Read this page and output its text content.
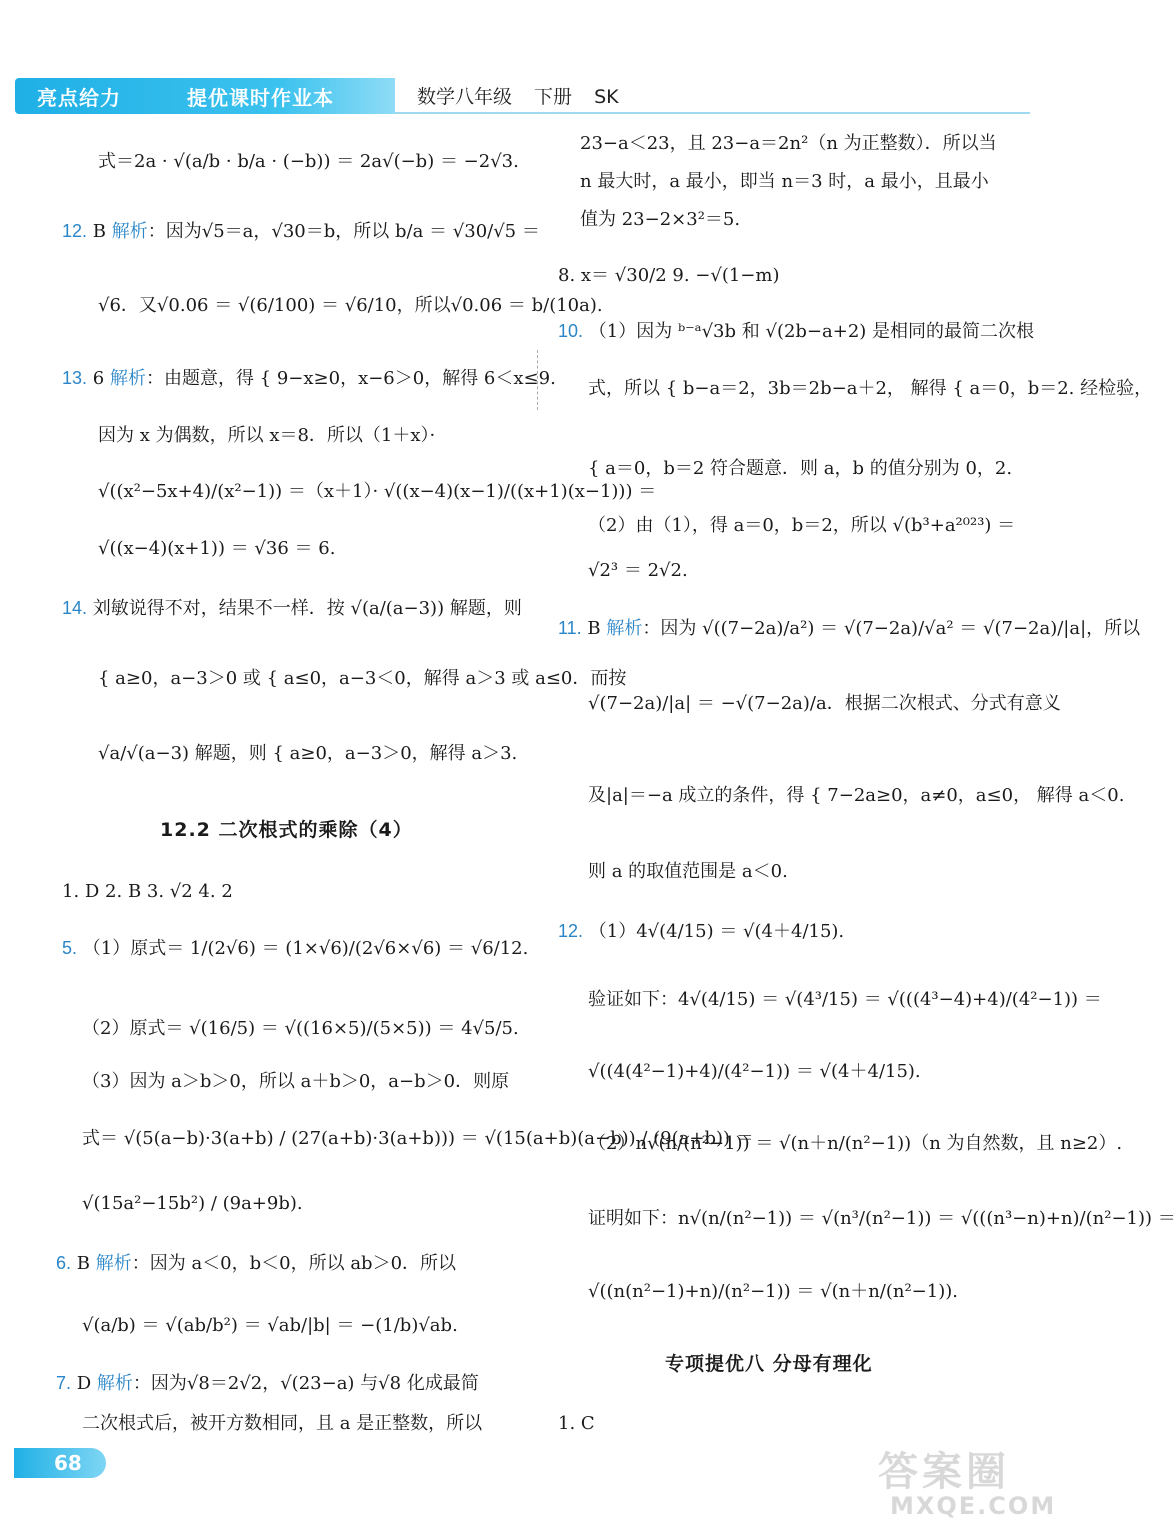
亮点给力	提优课时作业本	数学八年级 下册 SK

式＝2a · √(a/b · b/a · (−b)) ＝ 2a√(−b) ＝ −2√3.

12. B 解析：因为√5＝a，√30＝b，所以 b/a ＝ √30/√5 ＝

√6．又√0.06 ＝ √(6/100) ＝ √6/10，所以√0.06 ＝ b/(10a).

13. 6 解析：由题意，得 { 9−x≥0，x−6＞0，解得 6＜x≤9.

因为 x 为偶数，所以 x＝8．所以（1＋x）·

√((x²−5x+4)/(x²−1)) ＝（x＋1）· √((x−4)(x−1)/((x+1)(x−1))) ＝

√((x−4)(x+1)) ＝ √36 ＝ 6.

14. 刘敏说得不对，结果不一样．按 √(a/(a−3)) 解题，则

{ a≥0，a−3＞0 或 { a≤0，a−3＜0，解得 a＞3 或 a≤0．而按

√a/√(a−3) 解题，则 { a≥0，a−3＞0，解得 a＞3.

12.2 二次根式的乘除（4）

1. D 2. B 3. √2 4. 2

5. （1）原式＝ 1/(2√6) ＝ (1×√6)/(2√6×√6) ＝ √6/12.

（2）原式＝ √(16/5) ＝ √((16×5)/(5×5)) ＝ 4√5/5.

（3）因为 a＞b＞0，所以 a＋b＞0，a−b＞0．则原

式＝ √(5(a−b)·3(a+b) / (27(a+b)·3(a+b))) ＝ √(15(a+b)(a−b)) / (9(a+b)) ＝

√(15a²−15b²) / (9a+9b).

6. B 解析：因为 a＜0，b＜0，所以 ab＞0．所以

√(a/b) ＝ √(ab/b²) ＝ √ab/|b| ＝ −(1/b)√ab.

7. D 解析：因为√8＝2√2，√(23−a) 与√8 化成最简

二次根式后，被开方数相同，且 a 是正整数，所以

23−a＜23，且 23−a＝2n²（n 为正整数）．所以当

n 最大时，a 最小，即当 n＝3 时，a 最小，且最小

值为 23−2×3²＝5.

8. x＝ √30/2 9. −√(1−m)

10. （1）因为 ᵇ⁻ᵃ√3b 和 √(2b−a+2) 是相同的最简二次根

式，所以 { b−a＝2，3b＝2b−a＋2， 解得 { a＝0，b＝2. 经检验，

{ a＝0，b＝2 符合题意．则 a，b 的值分别为 0，2.

（2）由（1），得 a＝0，b＝2，所以 √(b³+a²⁰²³) ＝

√2³ ＝ 2√2.

11. B 解析：因为 √((7−2a)/a²) ＝ √(7−2a)/√a² ＝ √(7−2a)/|a|，所以

√(7−2a)/|a| ＝ −√(7−2a)/a．根据二次根式、分式有意义

及|a|＝−a 成立的条件，得 { 7−2a≥0，a≠0，a≤0， 解得 a＜0.

则 a 的取值范围是 a＜0.

12. （1）4√(4/15) ＝ √(4＋4/15).

验证如下：4√(4/15) ＝ √(4³/15) ＝ √(((4³−4)+4)/(4²−1)) ＝

√((4(4²−1)+4)/(4²−1)) ＝ √(4＋4/15).

（2）n√(n/(n²−1)) ＝ √(n＋n/(n²−1))（n 为自然数，且 n≥2）.

证明如下：n√(n/(n²−1)) ＝ √(n³/(n²−1)) ＝ √(((n³−n)+n)/(n²−1)) ＝

√((n(n²−1)+n)/(n²−1)) ＝ √(n＋n/(n²−1)).

专项提优八 分母有理化

1. C

68	答案圈
MXQE.COM
